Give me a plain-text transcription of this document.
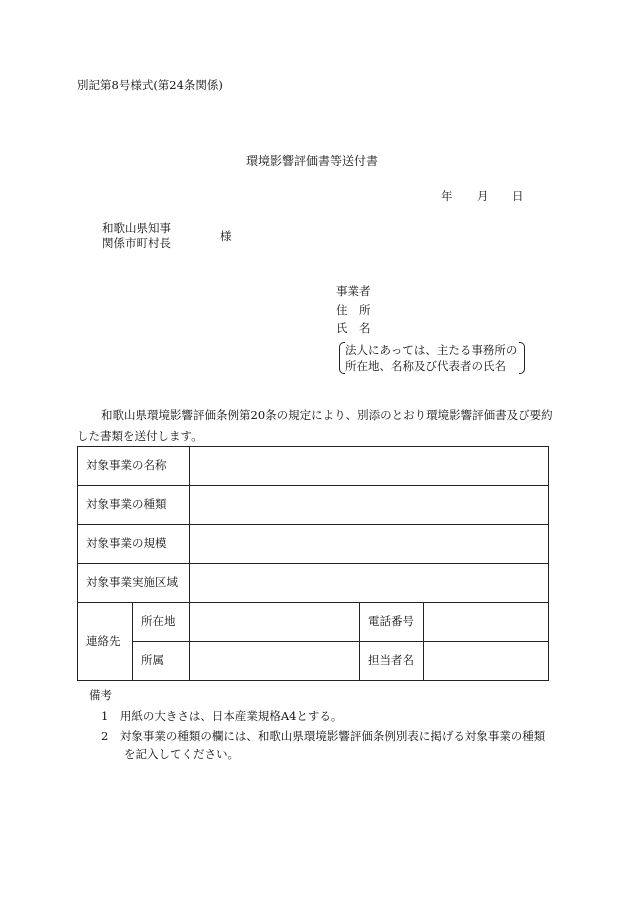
別記第8号様式(第24条関係)
環境影響評価書等送付書
年 月 日
和歌山県知事
関係市町村長	様
事業者
住　所
氏　名
法人にあっては、主たる事務所の
所在地、名称及び代表者の氏名
和歌山県環境影響評価条例第20条の規定により、別添のとおり環境影響評価書及び要約した書類を送付します。
対象事業の名称				
対象事業の種類				
対象事業の規模				
対象事業実施区域				
連絡先	所在地		電話番号	
	所属		担当者名	
備考
1　用紙の大きさは、日本産業規格A4とする。
2　対象事業の種類の欄には、和歌山県環境影響評価条例別表に掲げる対象事業の種類
を記入してください。
